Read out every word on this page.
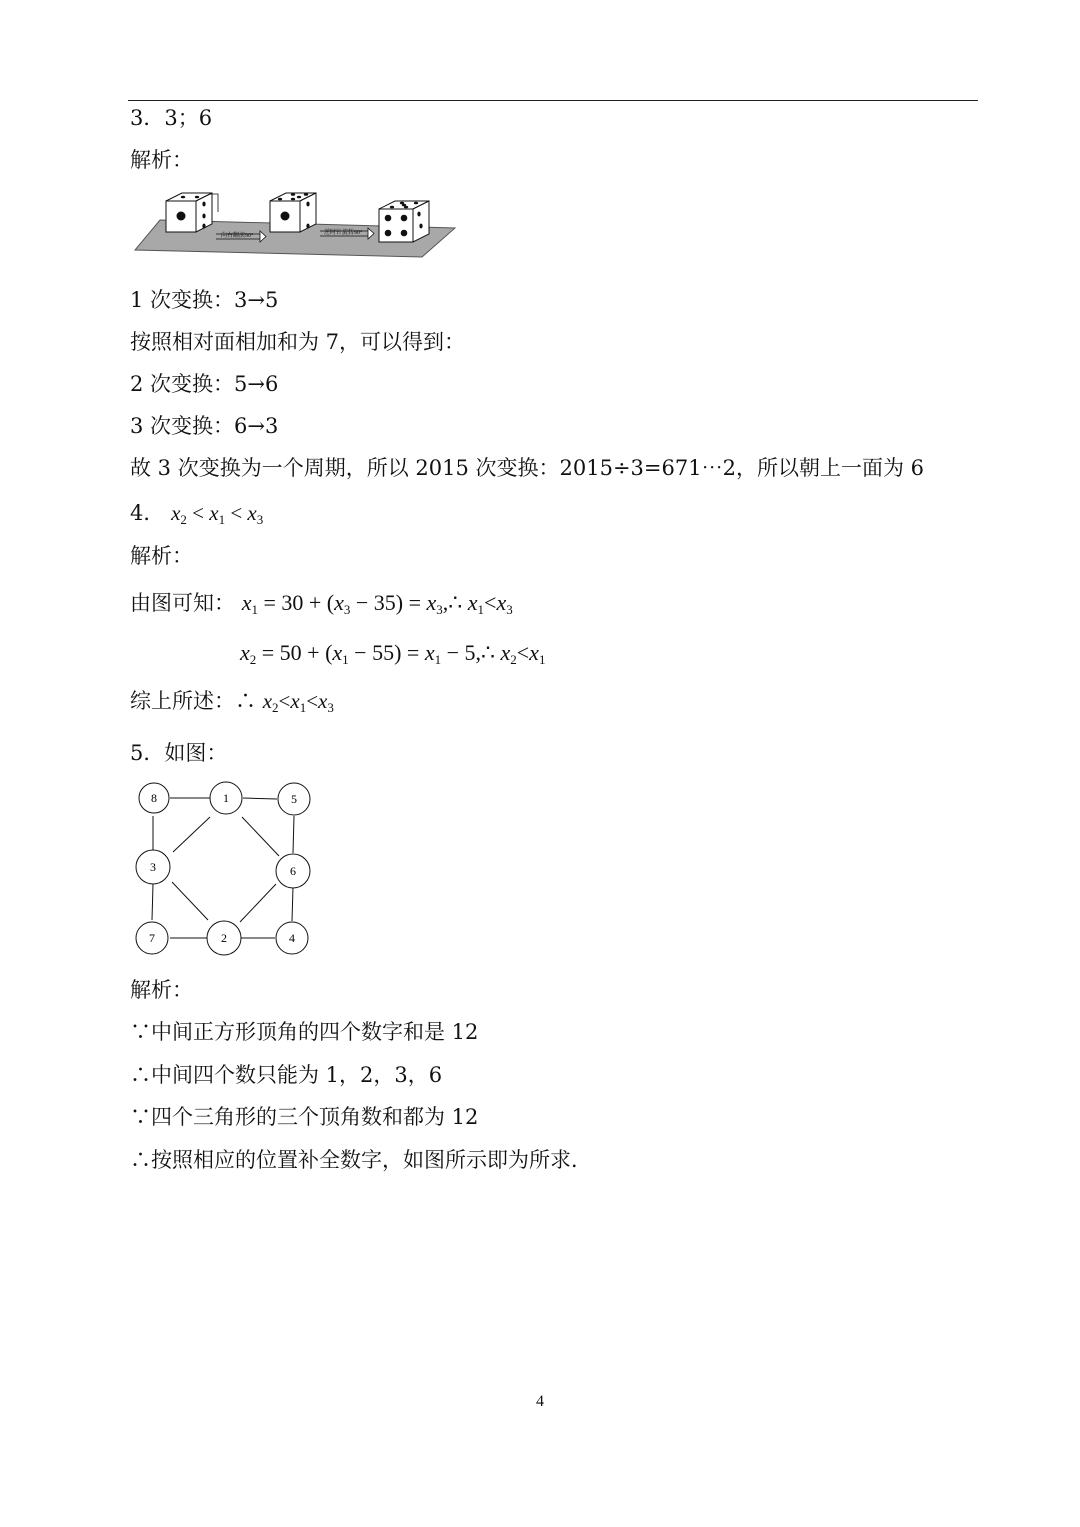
3．3；6
解析：
向右翻滚90°	逆时针旋转90°
1 次变换：3→5
按照相对面相加和为 7，可以得到：
2 次变换：5→6
3 次变换：6→3
故 3 次变换为一个周期，所以 2015 次变换：2015÷3=671⋯2，所以朝上一面为 6
4． $x_2 < x_1 < x_3$
解析：
由图可知： $x_1 = 30 + (x_3 - 35)$ = $x_3,\therefore$ $x_1<x_3$
$x_2 = 50 + (x_1 - 55) = x_1$ − 5,∴ $x_2<x_1$
综上所述：∴ $x_2<x_1<x_3$
5．如图：
8	1	5
3	6
7	2	4
解析：
∵中间正方形顶角的四个数字和是 12
∴中间四个数只能为 1，2，3，6
∵四个三角形的三个顶角数和都为 12
∴按照相应的位置补全数字，如图所示即为所求．
4
